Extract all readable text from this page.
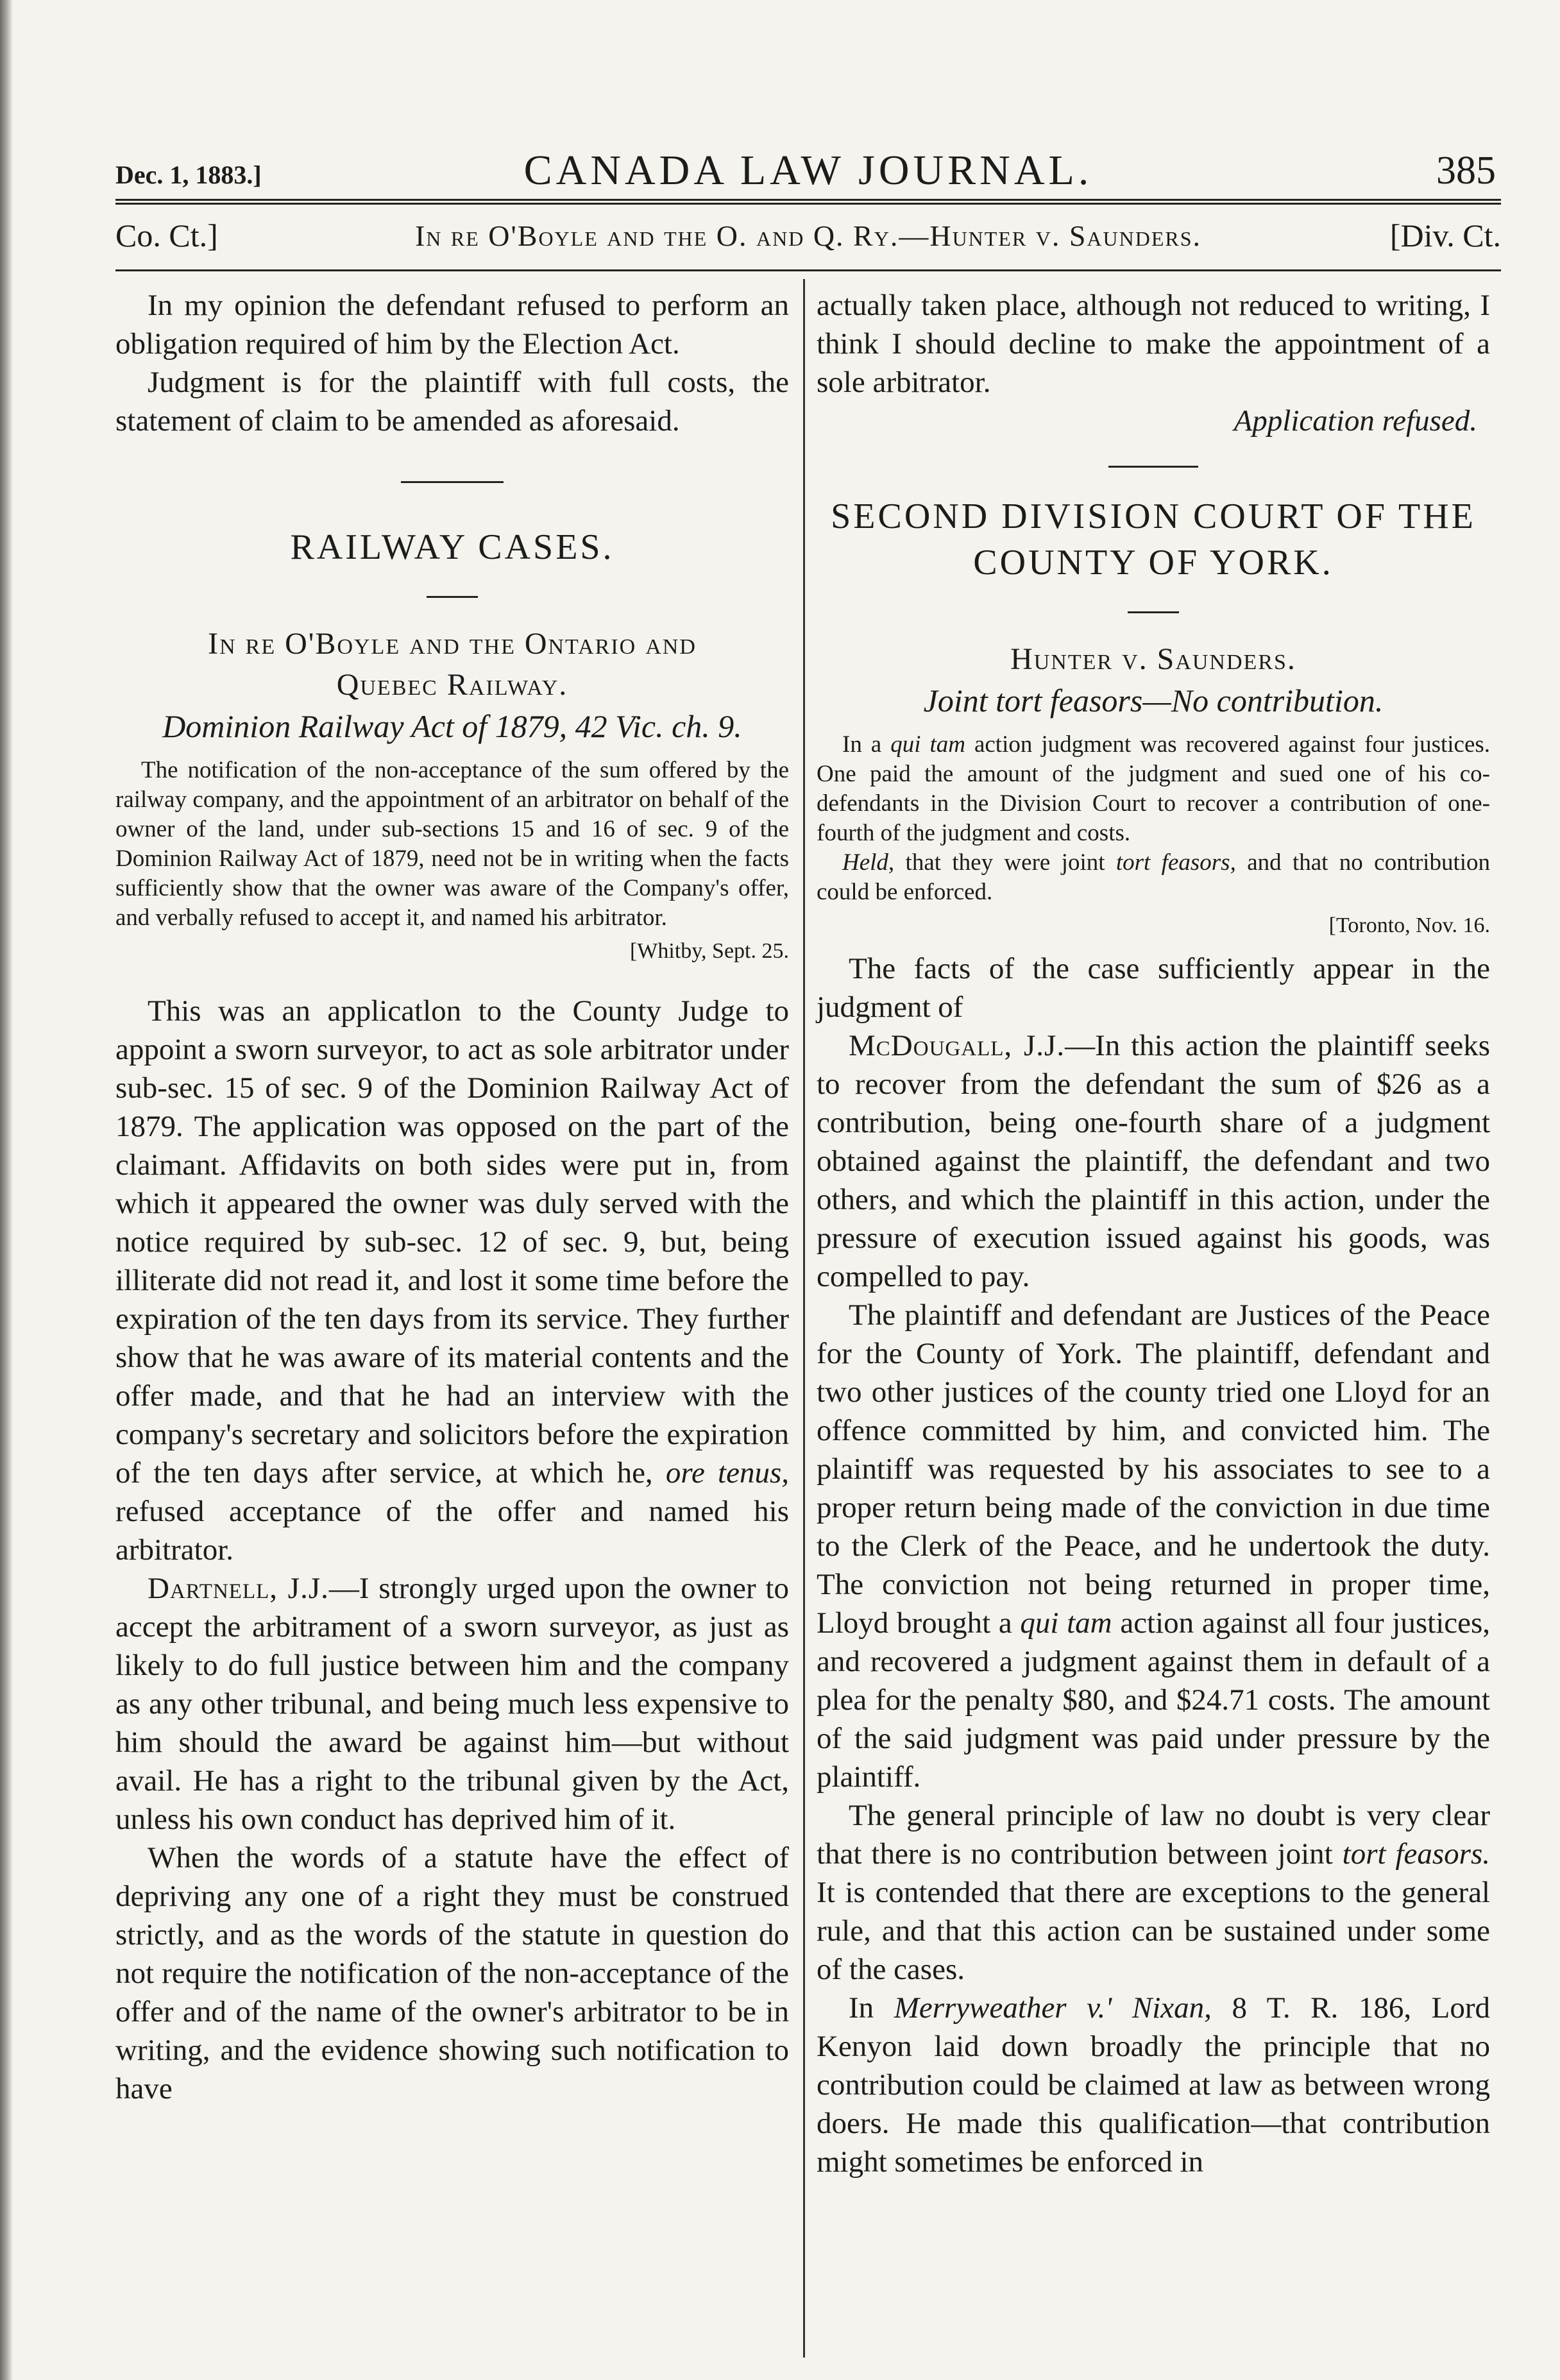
Dec. 1, 1883.]	CANADA LAW JOURNAL.	385
Co. Ct.]	In re O'Boyle and the O. and Q. Ry.—Hunter v. Saunders.	[Div. Ct.

In my opinion the defendant refused to perform an obligation required of him by the Election Act.

Judgment is for the plaintiff with full costs, the statement of claim to be amended as aforesaid.

RAILWAY CASES.
In re O'Boyle and the Ontario and
Quebec Railway.
Dominion Railway Act of 1879, 42 Vic. ch. 9.

The notification of the non-acceptance of the sum offered by the railway company, and the appointment of an arbitrator on behalf of the owner of the land, under sub-sections 15 and 16 of sec. 9 of the Dominion Railway Act of 1879, need not be in writing when the facts sufficiently show that the owner was aware of the Company's offer, and verbally refused to accept it, and named his arbitrator.

[Whitby, Sept. 25.

This was an applicatlon to the County Judge to appoint a sworn surveyor, to act as sole arbitrator under sub-sec. 15 of sec. 9 of the Dominion Railway Act of 1879. The application was opposed on the part of the claimant. Affidavits on both sides were put in, from which it appeared the owner was duly served with the notice required by sub-sec. 12 of sec. 9, but, being illiterate did not read it, and lost it some time before the expiration of the ten days from its service. They further show that he was aware of its material contents and the offer made, and that he had an interview with the company's secretary and solicitors before the expiration of the ten days after service, at which he, ore tenus, refused acceptance of the offer and named his arbitrator.

Dartnell, J.J.—I strongly urged upon the owner to accept the arbitrament of a sworn surveyor, as just as likely to do full justice between him and the company as any other tribunal, and being much less expensive to him should the award be against him—but without avail. He has a right to the tribunal given by the Act, unless his own conduct has deprived him of it.

When the words of a statute have the effect of depriving any one of a right they must be construed strictly, and as the words of the statute in question do not require the notification of the non-acceptance of the offer and of the name of the owner's arbitrator to be in writing, and the evidence showing such notification to have

actually taken place, although not reduced to writing, I think I should decline to make the appointment of a sole arbitrator.

Application refused.
SECOND DIVISION COURT OF THE COUNTY OF YORK.
Hunter v. Saunders.
Joint tort feasors—No contribution.

In a qui tam action judgment was recovered against four justices. One paid the amount of the judgment and sued one of his co-defendants in the Division Court to recover a contribution of one-fourth of the judgment and costs.

Held, that they were joint tort feasors, and that no contribution could be enforced.

[Toronto, Nov. 16.

The facts of the case sufficiently appear in the judgment of

McDougall, J.J.—In this action the plaintiff seeks to recover from the defendant the sum of $26 as a contribution, being one-fourth share of a judgment obtained against the plaintiff, the defendant and two others, and which the plaintiff in this action, under the pressure of execution issued against his goods, was compelled to pay.

The plaintiff and defendant are Justices of the Peace for the County of York. The plaintiff, defendant and two other justices of the county tried one Lloyd for an offence committed by him, and convicted him. The plaintiff was requested by his associates to see to a proper return being made of the conviction in due time to the Clerk of the Peace, and he undertook the duty. The conviction not being returned in proper time, Lloyd brought a qui tam action against all four justices, and recovered a judgment against them in default of a plea for the penalty $80, and $24.71 costs. The amount of the said judgment was paid under pressure by the plaintiff.

The general principle of law no doubt is very clear that there is no contribution between joint tort feasors. It is contended that there are exceptions to the general rule, and that this action can be sustained under some of the cases.

In Merryweather v.' Nixan, 8 T. R. 186, Lord Kenyon laid down broadly the principle that no contribution could be claimed at law as between wrong doers. He made this qualification—that contribution might sometimes be enforced in
